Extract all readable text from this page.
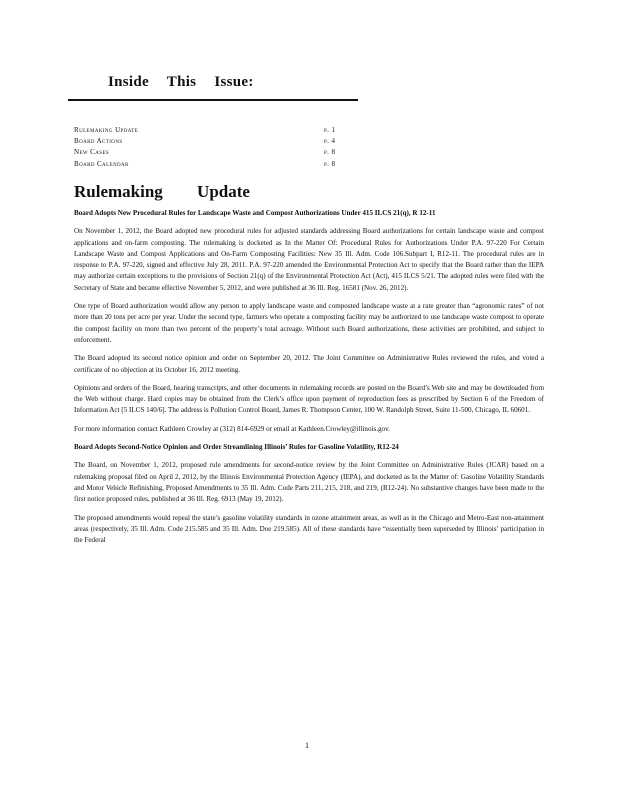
Inside This Issue:
Rulemaking Update	p. 1
Board Actions	p. 4
New Cases	p. 8
Board Calendar	p. 8
Rulemaking Update

Board Adopts New Procedural Rules for Landscape Waste and Compost Authorizations Under 415 ILCS 21(q), R 12-11

On November 1, 2012, the Board adopted new procedural rules for adjusted standards addressing Board authorizations for certain landscape waste and compost applications and on-farm composting. The rulemaking is docketed as In the Matter Of: Procedural Rules for Authorizations Under P.A. 97-220 For Certain Landscape Waste and Compost Applications and On-Farm Composting Facilities: New 35 Ill. Adm. Code 106.Subpart I, R12-11. The procedural rules are in response to P.A. 97-220, signed and effective July 28, 2011. P.A. 97-220 amended the Environmental Protection Act to specify that the Board rather than the IEPA may authorize certain exceptions to the provisions of Section 21(q) of the Environmental Protection Act (Act), 415 ILCS 5/21. The adopted rules were filed with the Secretary of State and became effective November 5, 2012, and were published at 36 Ill. Reg. 16581 (Nov. 26, 2012).

One type of Board authorization would allow any person to apply landscape waste and composted landscape waste at a rate greater than “agronomic rates” of not more than 20 tons per acre per year. Under the second type, farmers who operate a composting facility may be authorized to use landscape waste compost to operate the compost facility on more than two percent of the property’s total acreage. Without such Board authorizations, these activities are prohibited, and subject to enforcement.

The Board adopted its second notice opinion and order on September 20, 2012. The Joint Committee on Administrative Rules reviewed the rules, and voted a certificate of no objection at its October 16, 2012 meeting.

Opinions and orders of the Board, hearing transcripts, and other documents in rulemaking records are posted on the Board’s Web site and may be downloaded from the Web without charge. Hard copies may be obtained from the Clerk’s office upon payment of reproduction fees as prescribed by Section 6 of the Freedom of Information Act [5 ILCS 140/6]. The address is Pollution Control Board, James R. Thompson Center, 100 W. Randolph Street, Suite 11-500, Chicago, IL 60601.

For more information contact Kathleen Crowley at (312) 814-6929 or email at Kathleen.Crowley@illinois.gov.

Board Adopts Second-Notice Opinion and Order Streamlining Illinois’ Rules for Gasoline Volatility, R12-24

The Board, on November 1, 2012, proposed rule amendments for second-notice review by the Joint Committee on Administrative Rules (JCAR) based on a rulemaking proposal filed on April 2, 2012, by the Illinois Environmental Protection Agency (IEPA), and docketed as In the Matter of: Gasoline Volatility Standards and Motor Vehicle Refinishing, Proposed Amendments to 35 Ill. Adm. Code Parts 211, 215, 218, and 219, (R12-24). No substantive changes have been made to the first notice proposed rules, published at 36 Ill. Reg. 6913 (May 19, 2012).

The proposed amendments would repeal the state’s gasoline volatility standards in ozone attainment areas, as well as in the Chicago and Metro-East non-attainment areas (respectively, 35 Ill. Adm. Code 215.585 and 35 Ill. Adm. Doe 219.585). All of these standards have “essentially been superseded by Illinois’ participation in the Federal

1
